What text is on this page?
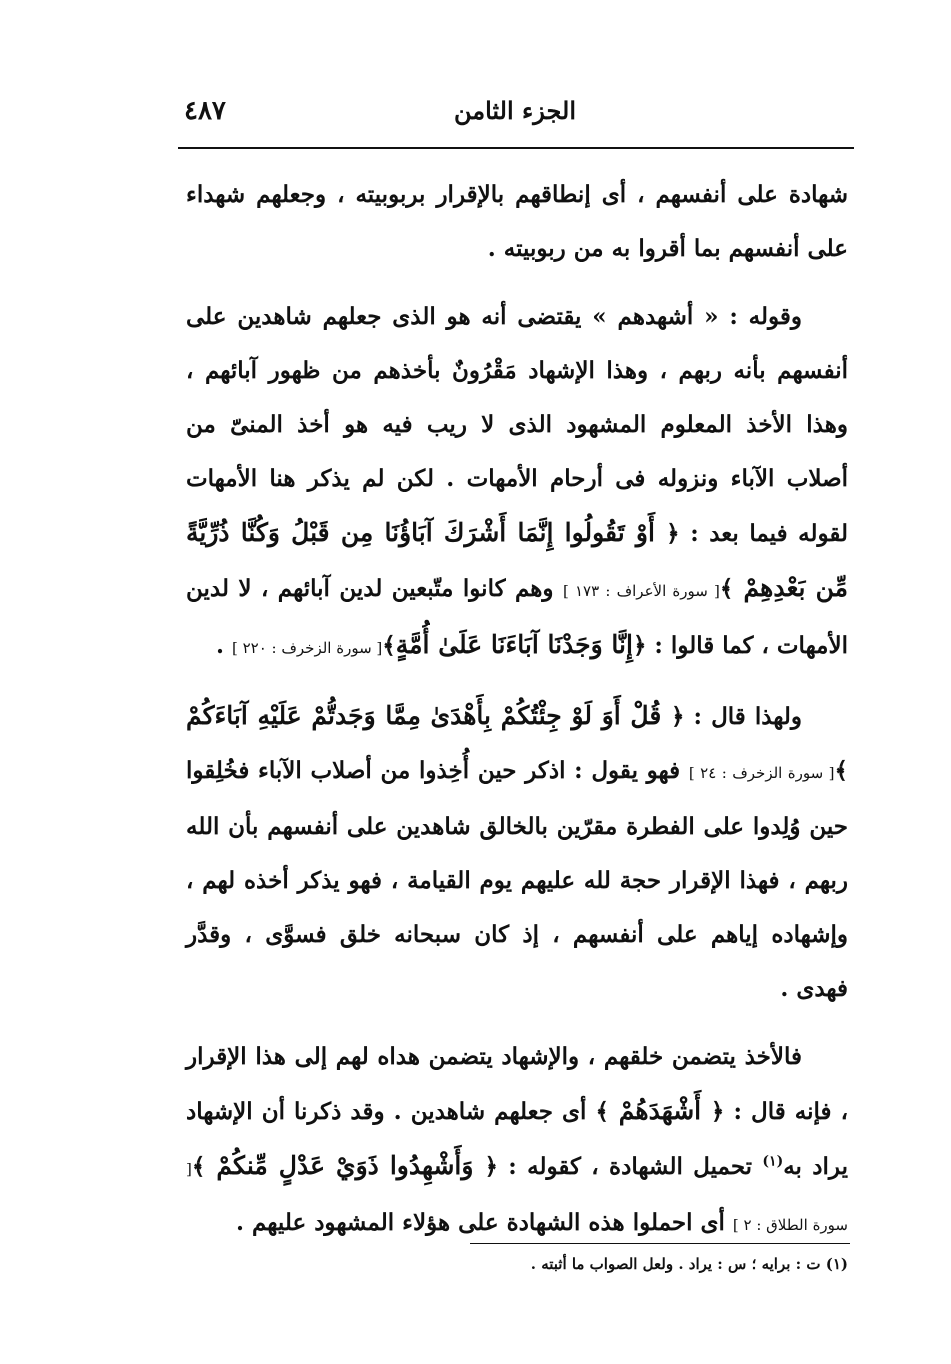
٤٨٧	الجزء الثامن

شهادة على أنفسهم ، أى إنطاقهم بالإقرار بربوبيته ، وجعلهم شهداء على أنفسهم بما أقروا به من ربوبيته .

وقوله : « أشهدهم » يقتضى أنه هو الذى جعلهم شاهدين على أنفسهم بأنه ربهم ، وهذا الإشهاد مَقْرُونٌ بأخذهم من ظهور آبائهم ، وهذا الأخذ المعلوم المشهود الذى لا ريب فيه هو أخذ المنىّ من أصلاب الآباء ونزوله فى أرحام الأمهات . لكن لم يذكر هنا الأمهات لقوله فيما بعد : ﴿ أَوْ تَقُولُوا إِنَّمَا أَشْرَكَ آبَاؤُنَا مِن قَبْلُ وَكُنَّا ذُرِّيَّةً مِّن بَعْدِهِمْ ﴾[ سورة الأعراف : ١٧٣ ] وهم كانوا متّبعين لدين آبائهم ، لا لدين الأمهات ، كما قالوا : ﴿إِنَّا وَجَدْنَا آبَاءَنَا عَلَىٰ أُمَّةٍ﴾[ سورة الزخرف : ٢٢٠ ] .

ولهذا قال : ﴿ قُلْ أَوَ لَوْ جِئْتُكُمْ بِأَهْدَىٰ مِمَّا وَجَدتُّمْ عَلَيْهِ آبَاءَكُمْ ﴾[ سورة الزخرف : ٢٤ ] فهو يقول : اذكر حين أُخِذوا من أصلاب الآباء فخُلِقوا حين وُلِدوا على الفطرة مقرّين بالخالق شاهدين على أنفسهم بأن الله ربهم ، فهذا الإقرار حجة لله عليهم يوم القيامة ، فهو يذكر أخذه لهم ، وإشهاده إياهم على أنفسهم ، إذ كان سبحانه خلق فسوَّى ، وقدَّر فهدى .

فالأخذ يتضمن خلقهم ، والإشهاد يتضمن هداه لهم إلى هذا الإقرار ، فإنه قال : ﴿ أَشْهَدَهُمْ ﴾ أى جعلهم شاهدين . وقد ذكرنا أن الإشهاد يراد به$^{(١)}$ تحميل الشهادة ، كقوله : ﴿ وَأَشْهِدُوا ذَوَيْ عَدْلٍ مِّنكُمْ ﴾[ سورة الطلاق : ٢ ] أى احملوا هذه الشهادة على هؤلاء المشهود عليهم .

(١) ت : برايه ؛ س : يراد . ولعل الصواب ما أثبته .
